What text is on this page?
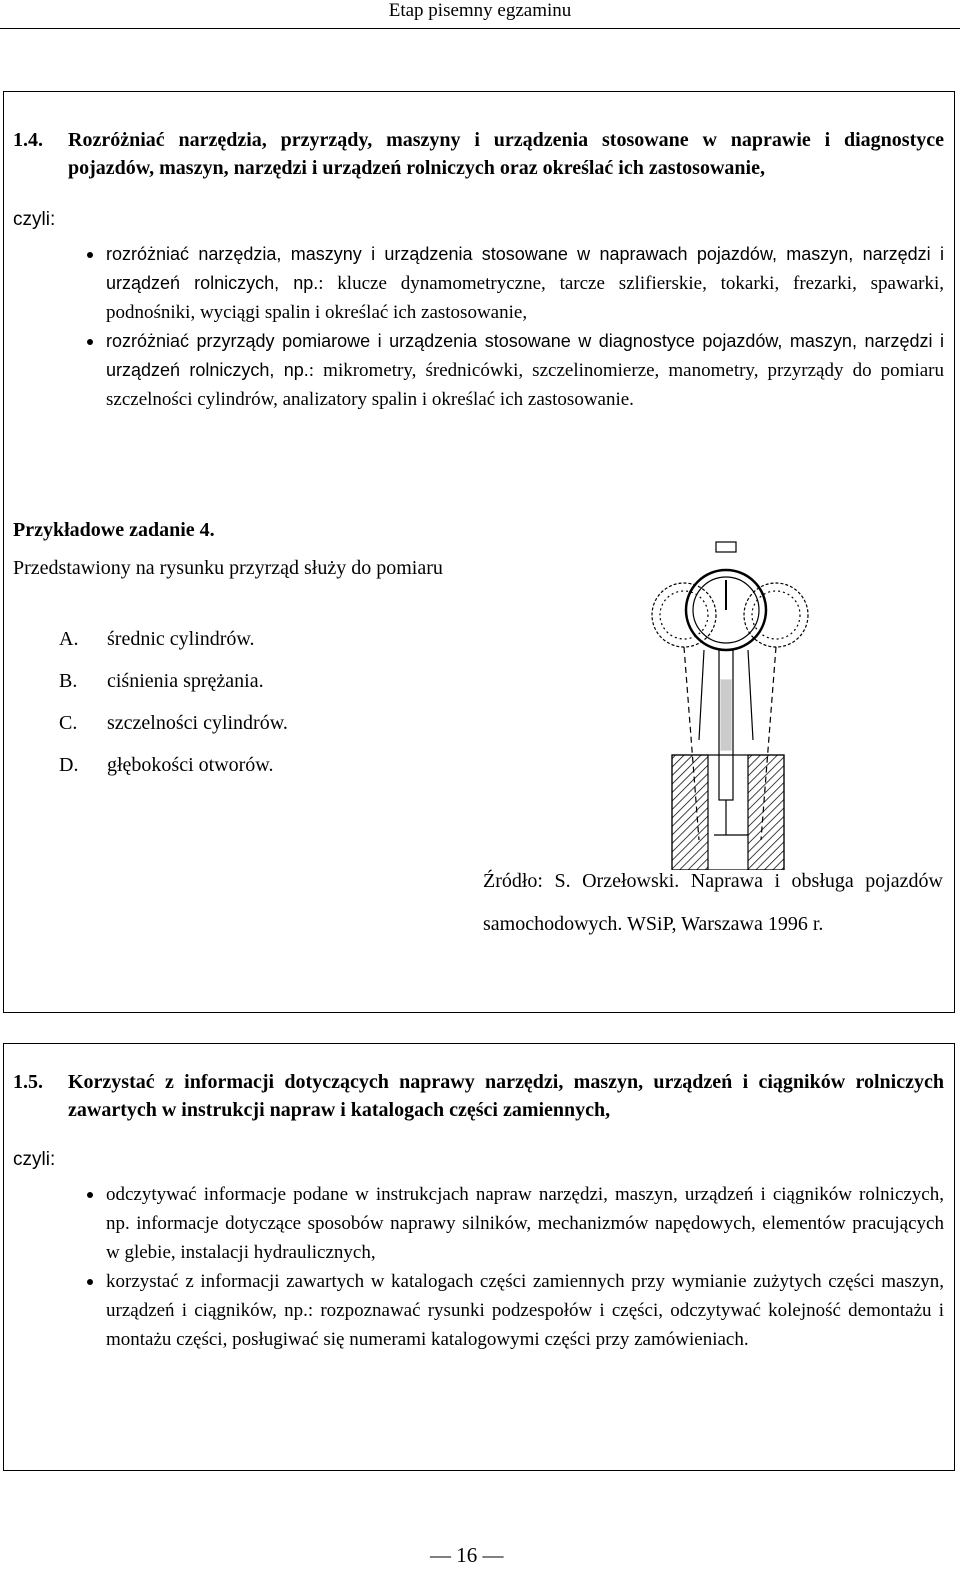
Etap pisemny egzaminu
1.4. Rozróżniać narzędzia, przyrządy, maszyny i urządzenia stosowane w naprawie i diagnostyce pojazdów, maszyn, narzędzi i urządzeń rolniczych oraz określać ich zastosowanie,
czyli:
rozróżniać narzędzia, maszyny i urządzenia stosowane w naprawach pojazdów, maszyn, narzędzi i urządzeń rolniczych, np.: klucze dynamometryczne, tarcze szlifierskie, tokarki, frezarki, spawarki, podnośniki, wyciągi spalin i określać ich zastosowanie,
rozróżniać przyrządy pomiarowe i urządzenia stosowane w diagnostyce pojazdów, maszyn, narzędzi i urządzeń rolniczych, np.: mikrometry, średnicówki, szczelinomierze, manometry, przyrządy do pomiaru szczelności cylindrów, analizatory spalin i określać ich zastosowanie.
Przykładowe zadanie 4.
Przedstawiony na rysunku przyrząd służy do pomiaru
A. średnic cylindrów.
B. ciśnienia sprężania.
C. szczelności cylindrów.
D. głębokości otworów.
Źródło: S. Orzełowski. Naprawa i obsługa pojazdów samochodowych. WSiP, Warszawa 1996 r.
1.5. Korzystać z informacji dotyczących naprawy narzędzi, maszyn, urządzeń i ciągników rolniczych zawartych w instrukcji napraw i katalogach części zamiennych,
czyli:
odczytywać informacje podane w instrukcjach napraw narzędzi, maszyn, urządzeń i ciągników rolniczych, np. informacje dotyczące sposobów naprawy silników, mechanizmów napędowych, elementów pracujących w glebie, instalacji hydraulicznych,
korzystać z informacji zawartych w katalogach części zamiennych przy wymianie zużytych części maszyn, urządzeń i ciągników, np.: rozpoznawać rysunki podzespołów i części, odczytywać kolejność demontażu i montażu części, posługiwać się numerami katalogowymi części przy zamówieniach.
— 16 —
